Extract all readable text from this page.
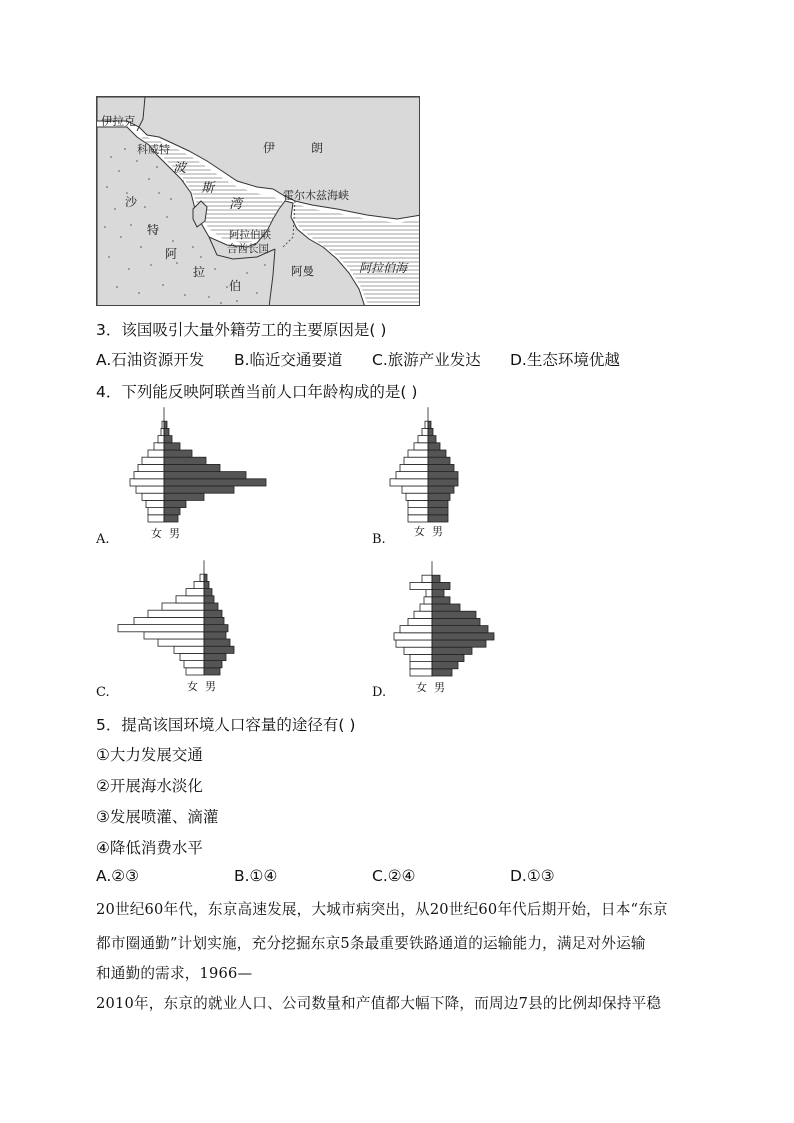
伊拉克
科威特	伊	朗
波
斯
湾
霍尔木兹海峡
沙
特
阿
拉
伯
阿拉伯联
合酋长国
阿曼	阿拉伯海
3．该国吸引大量外籍劳工的主要原因是( )
A.石油资源开发 B.临近交通要道 C.旅游产业发达 D.生态环境优越
4．下列能反映阿联酋当前人口年龄构成的是( )
A.	B.
C.	D.
女 男	女 男
女 男	女 男
5．提高该国环境人口容量的途径有( )
①大力发展交通
②开展海水淡化
③发展喷灌、滴灌
④降低消费水平
A.②③	B.①④	C.②④	D.①③
20世纪60年代，东京高速发展，大城市病突出，从20世纪60年代后期开始，日本“东京
都市圈通勤”计划实施，充分挖掘东京5条最重要铁路通道的运输能力，满足对外运输
和通勤的需求，1966—
2010年，东京的就业人口、公司数量和产值都大幅下降，而周边7县的比例却保持平稳
